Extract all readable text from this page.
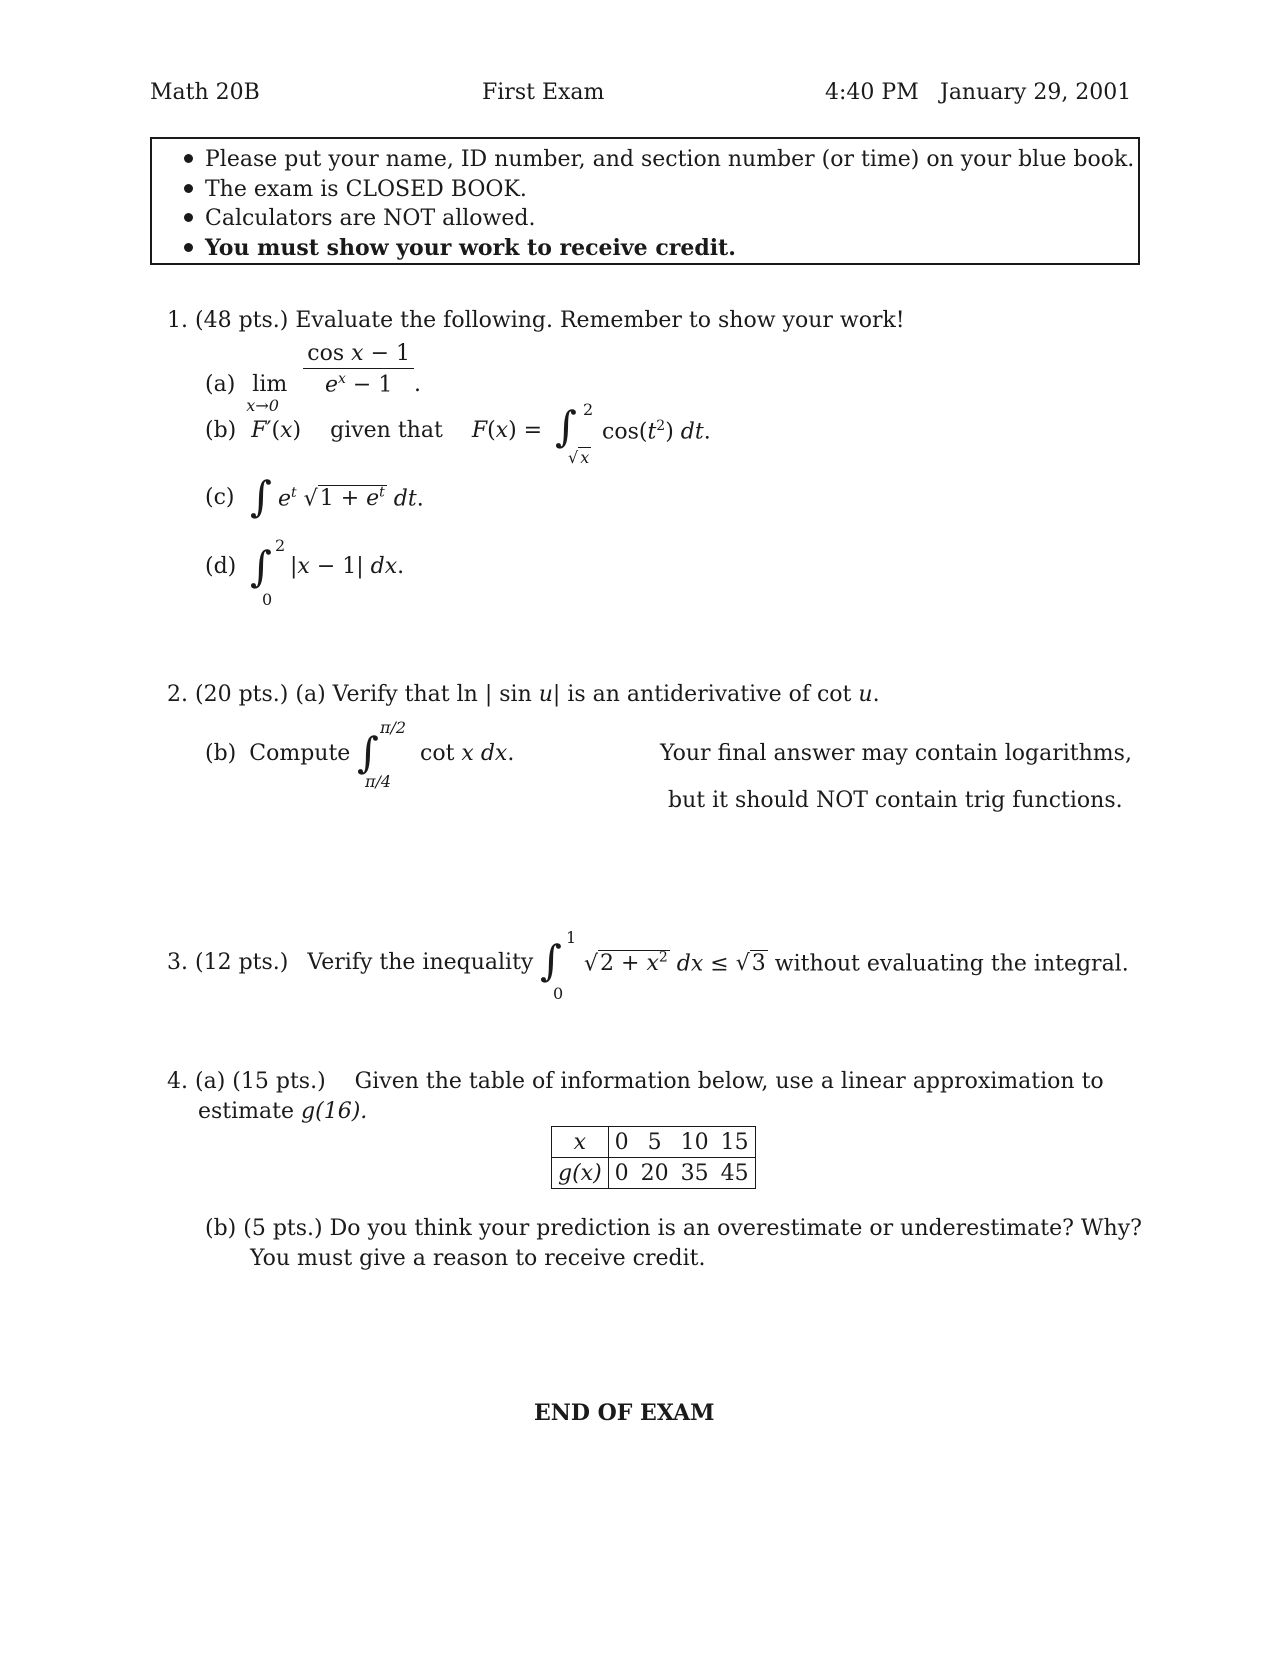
Math 20B	First Exam	4:40 PM January 29, 2001
Please put your name, ID number, and section number (or time) on your blue book.
The exam is CLOSED BOOK.
Calculators are NOT allowed.
You must show your work to receive credit.
1. (48 pts.) Evaluate the following. Remember to show your work!
(a) lim
x→0

$\frac{\text{cos x − 1}}{e^x - 1}$ .
(b) F′(x) given that F(x) = ∫ 2
√ x
$\cos(t^2)$ dt.
(c) ∫ $e^t$ $√1 + e^t$ dt.
(d) ∫ 2
0
|x − 1| dx.
2. (20 pts.) (a) Verify that ln | sin u| is an antiderivative of cot u.
(b) Compute ∫
π/2
π/4
cot x dx.	Your final answer may contain logarithms,
but it should NOT contain trig functions.
3. (12 pts.) Verify the inequality ∫ 1
0
$√2 + x^2$ dx ≤ √3 without evaluating the integral.
4. (a) (15 pts.) Given the table of information below, use a linear approximation to
estimate g(16).
x	0	5	10	15
g(x)	0	20	35	45
(b) (5 pts.) Do you think your prediction is an overestimate or underestimate? Why?
You must give a reason to receive credit.
END OF EXAM
